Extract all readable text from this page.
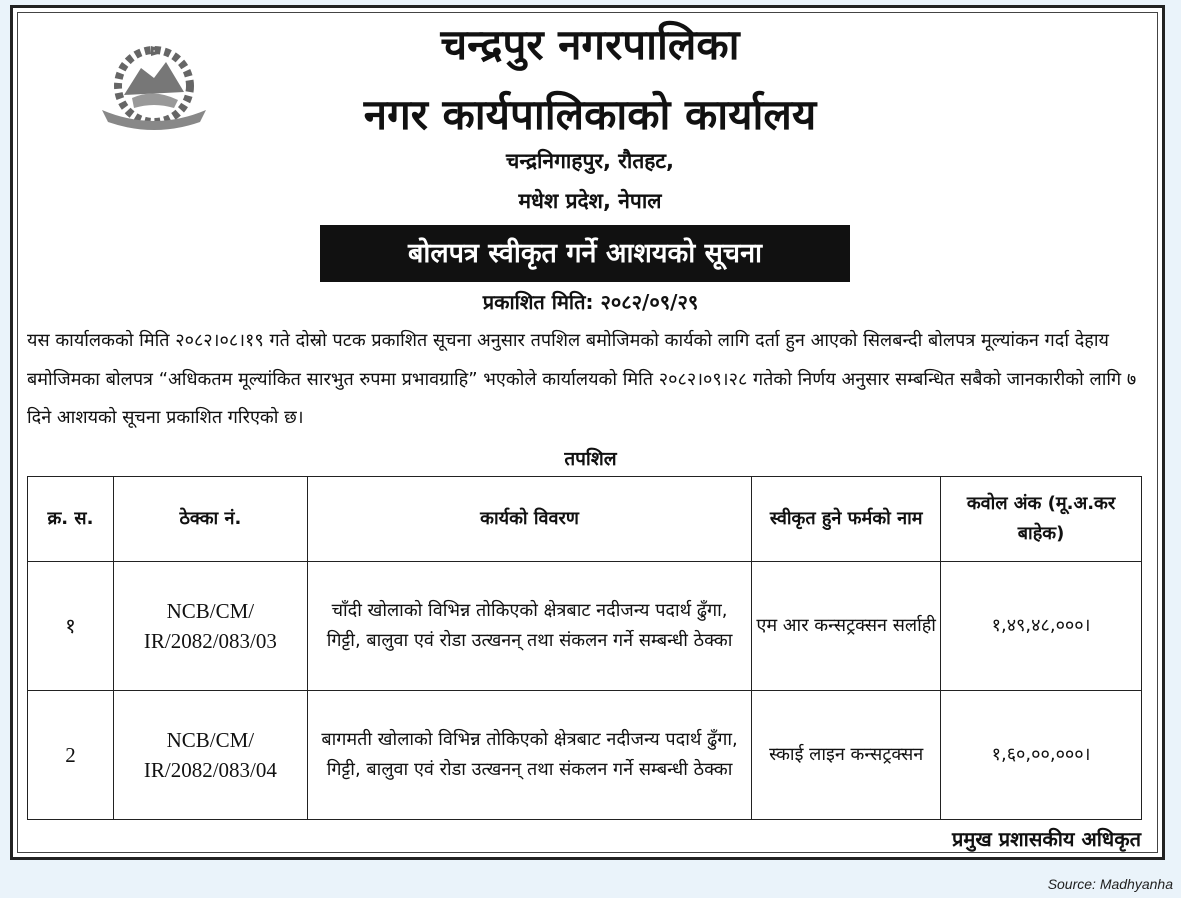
चन्द्रपुर नगरपालिका
नगर कार्यपालिकाको कार्यालय
चन्द्रनिगाहपुर, रौतहट,
मधेश प्रदेश, नेपाल
बोलपत्र स्वीकृत गर्ने आशयको सूचना
प्रकाशित मिति: २०८२/०९/२९
यस कार्यालकको मिति २०८२।०८।१९ गते दोस्रो पटक प्रकाशित सूचना अनुसार तपशिल बमोजिमको कार्यको लागि दर्ता हुन आएको सिलबन्दी बोलपत्र मूल्यांकन गर्दा देहाय बमोजिमका बोलपत्र “अधिकतम मूल्यांकित सारभुत रुपमा प्रभावग्राहि” भएकोले कार्यालयको मिति २०८२।०९।२८ गतेको निर्णय अनुसार सम्बन्धित सबैको जानकारीको लागि ७ दिने आशयको सूचना प्रकाशित गरिएको छ।
तपशिल
क्र. स.	ठेक्का नं.	कार्यको विवरण	स्वीकृत हुने फर्मको नाम	कवोल अंक (मू.अ.कर बाहेक)
१	NCB/CM/ IR/2082/083/03	चाँदी खोलाको विभिन्न तोकिएको क्षेत्रबाट नदीजन्य पदार्थ ढुँगा, गिट्टी, बालुवा एवं रोडा उत्खनन् तथा संकलन गर्ने सम्बन्धी ठेक्का	एम आर कन्सट्रक्सन सर्लाही	१,४९,४८,०००।
2	NCB/CM/ IR/2082/083/04	बागमती खोलाको विभिन्न तोकिएको क्षेत्रबाट नदीजन्य पदार्थ ढुँगा, गिट्टी, बालुवा एवं रोडा उत्खनन् तथा संकलन गर्ने सम्बन्धी ठेक्का	स्काई लाइन कन्सट्रक्सन	१,६०,००,०००।
प्रमुख प्रशासकीय अधिकृत
Source: Madhyanha
